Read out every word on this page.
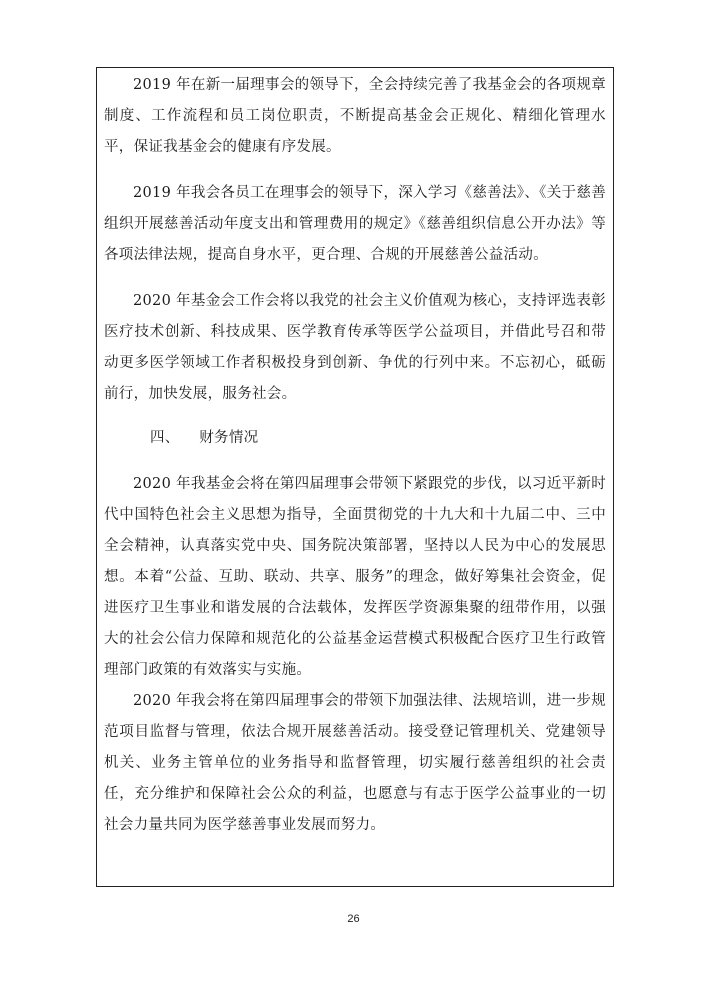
2019 年在新一届理事会的领导下，全会持续完善了我基金会的各项规章制度、工作流程和员工岗位职责，不断提高基金会正规化、精细化管理水平，保证我基金会的健康有序发展。

2019 年我会各员工在理事会的领导下，深入学习《慈善法》、《关于慈善组织开展慈善活动年度支出和管理费用的规定》《慈善组织信息公开办法》等各项法律法规，提高自身水平，更合理、合规的开展慈善公益活动。

2020 年基金会工作会将以我党的社会主义价值观为核心，支持评选表彰医疗技术创新、科技成果、医学教育传承等医学公益项目，并借此号召和带动更多医学领域工作者积极投身到创新、争优的行列中来。不忘初心，砥砺前行，加快发展，服务社会。

四、    财务情况

2020 年我基金会将在第四届理事会带领下紧跟党的步伐，以习近平新时代中国特色社会主义思想为指导，全面贯彻党的十九大和十九届二中、三中全会精神，认真落实党中央、国务院决策部署，坚持以人民为中心的发展思想。本着“公益、互助、联动、共享、服务”的理念，做好筹集社会资金，促进医疗卫生事业和谐发展的合法载体，发挥医学资源集聚的纽带作用，以强大的社会公信力保障和规范化的公益基金运营模式积极配合医疗卫生行政管理部门政策的有效落实与实施。

2020 年我会将在第四届理事会的带领下加强法律、法规培训，进一步规范项目监督与管理，依法合规开展慈善活动。接受登记管理机关、党建领导机关、业务主管单位的业务指导和监督管理，切实履行慈善组织的社会责任，充分维护和保障社会公众的利益，也愿意与有志于医学公益事业的一切社会力量共同为医学慈善事业发展而努力。

26
